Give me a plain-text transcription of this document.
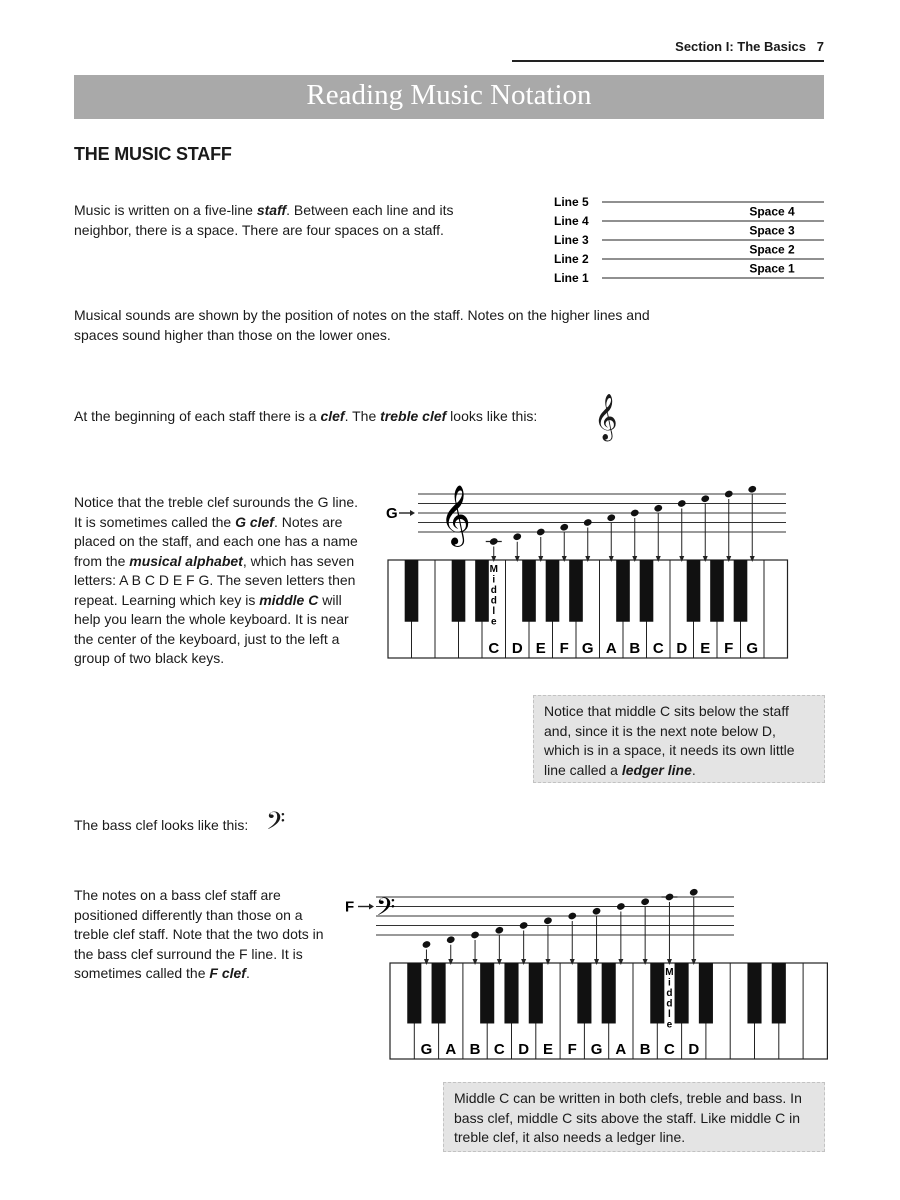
Section I: The Basics 7
Reading Music Notation
THE MUSIC STAFF
Music is written on a five-line staff. Between each line and its neighbor, there is a space. There are four spaces on a staff.
Line 5
Line 4
Line 3
Line 2
Line 1
Space 4
Space 3
Space 2
Space 1
Musical sounds are shown by the position of notes on the staff. Notes on the higher lines and spaces sound higher than those on the lower ones.
At the beginning of each staff there is a clef. The treble clef looks like this:	𝄞
Notice that the treble clef surounds the G line. It is sometimes called the G clef. Notes are placed on the staff, and each one has a name from the musical alphabet, which has seven letters: A B C D E F G. The seven letters then repeat. Learning which key is middle C will help you learn the whole keyboard. It is near the center of the keyboard, just to the left a group of two black keys.
G 𝄞
C D E F G A B C D E F G
M
i
d
d
l
e
Notice that middle C sits below the staff and, since it is the next note below D, which is in a space, it needs its own little line called a ledger line.
The bass clef looks like this: 𝄢
The notes on a bass clef staff are positioned differently than those on a treble clef staff. Note that the two dots in the bass clef surround the F line. It is sometimes called the F clef.
F 𝄢
G A B C D E F G A B C D
M
i
d
d
l
e
Middle C can be written in both clefs, treble and bass. In bass clef, middle C sits above the staff. Like middle C in treble clef, it also needs a ledger line.
